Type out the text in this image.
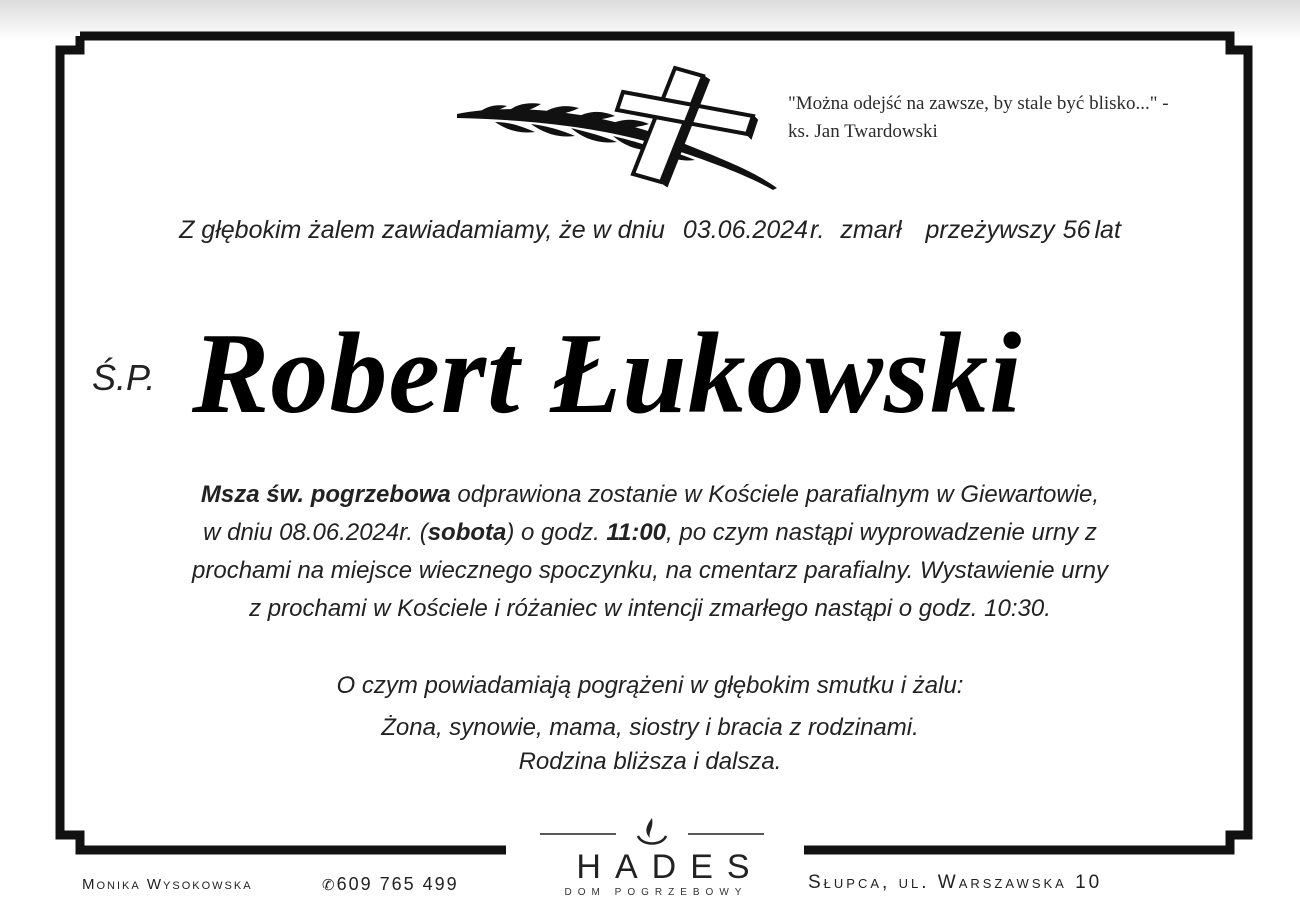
"Można odejść na zawsze, by stale być blisko..." - ks. Jan Twardowski
Z głębokim żalem zawiadamiamy, że w dniu 03.06.2024r. zmarł przeżywszy 56 lat
Ś.P. Robert Łukowski
Msza św. pogrzebowa odprawiona zostanie w Kościele parafialnym w Giewartowie,
w dniu 08.06.2024r. (sobota) o godz. 11:00, po czym nastąpi wyprowadzenie urny z
prochami na miejsce wiecznego spoczynku, na cmentarz parafialny. Wystawienie urny
z prochami w Kościele i różaniec w intencji zmarłego nastąpi o godz. 10:30.
O czym powiadamiają pogrążeni w głębokim smutku i żalu:
Żona, synowie, mama, siostry i bracia z rodzinami.
Rodzina bliższa i dalsza.
Monika Wysokowska	✆609 765 499	HADES
DOM POGRZEBOWY	Słupca, ul. Warszawska 10
